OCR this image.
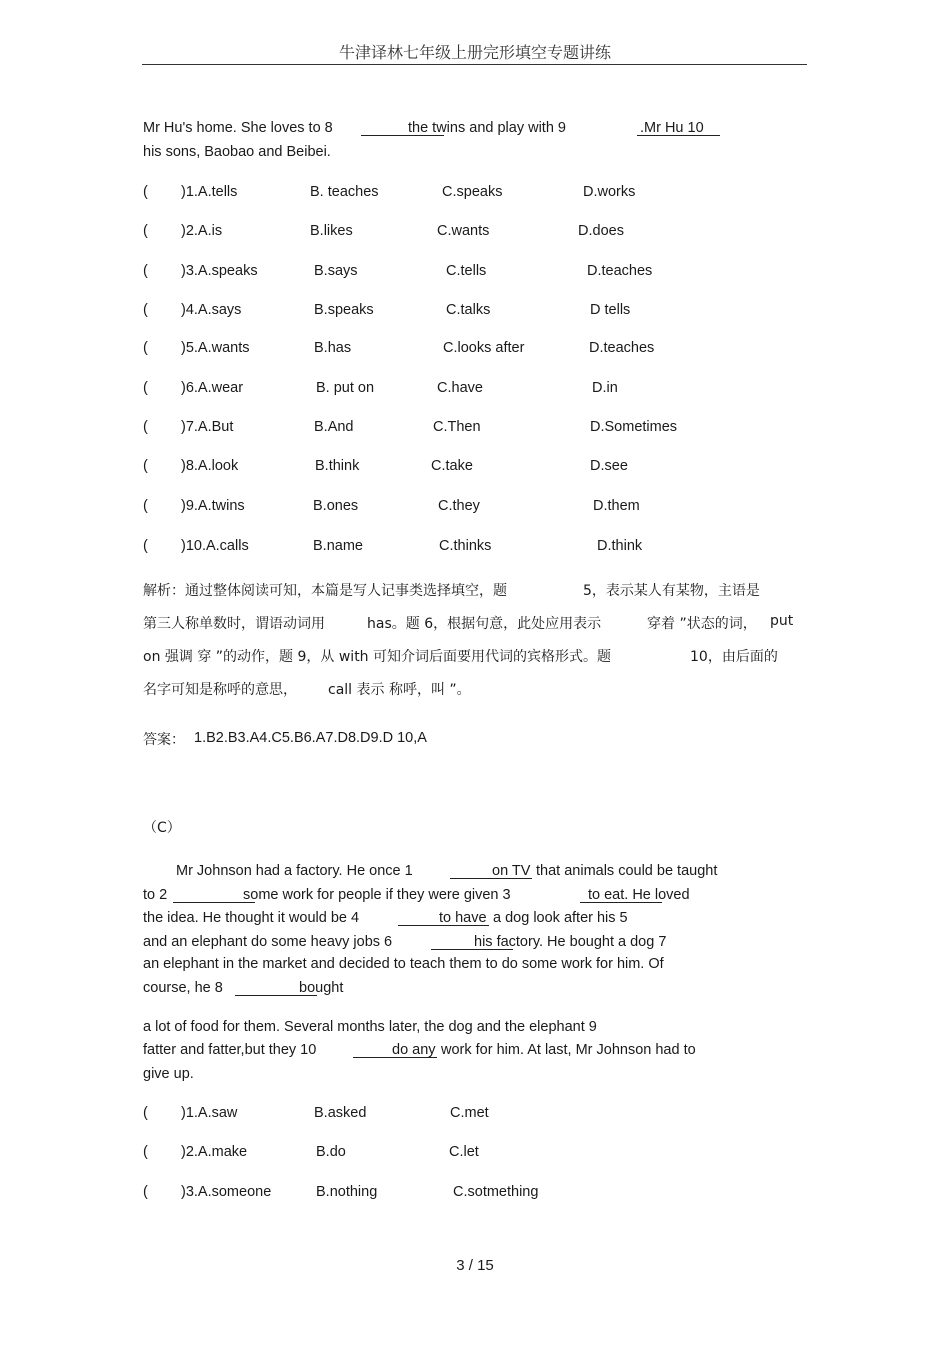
牛津译林七年级上册完形填空专题讲练
Mr Hu's home. She loves to 8	the twins and play with 9	.Mr Hu 10
his sons, Baobao and Beibei.
( )1.A.tells	B. teaches	C.speaks	D.works
( )2.A.is	B.likes	C.wants	D.does
( )3.A.speaks	B.says	C.tells	D.teaches
( )4.A.says	B.speaks	C.talks	D tells
( )5.A.wants	B.has	C.looks after	D.teaches
( )6.A.wear	B. put on	C.have	D.in
( )7.A.But	B.And	C.Then	D.Sometimes
( )8.A.look	B.think	C.take	D.see
( )9.A.twins	B.ones	C.they	D.them
( )10.A.calls	B.name	C.thinks	D.think
解析：通过整体阅读可知，本篇是写人记事类选择填空，题	5，表示某人有某物，主语是
第三人称单数时，谓语动词用	has。题 6，根据句意，此处应用表示	穿着 ”状态的词， put
on 强调 穿 ”的动作，题 9，从 with 可知介词后面要用代词的宾格形式。题	10，由后面的
名字可知是称呼的意思， call 表示 称呼，叫 ”。
答案： 1.B2.B3.A4.C5.B6.A7.D8.D9.D 10,A
（C）
Mr Johnson had a factory. He once 1	on TV that animals could be taught
to 2	some work for people if they were given 3	to eat. He loved
the idea. He thought it would be 4	to have a dog look after his 5
and an elephant do some heavy jobs 6	his factory. He bought a dog 7
an elephant in the market and decided to teach them to do some work for him. Of
course, he 8	bought
a lot of food for them. Several months later, the dog and the elephant 9
fatter and fatter,but they 10	do any work for him. At last, Mr Johnson had to
give up.
( )1.A.saw	B.asked	C.met
( )2.A.make	B.do	C.let
( )3.A.someone	B.nothing	C.sotmething
3 / 15
